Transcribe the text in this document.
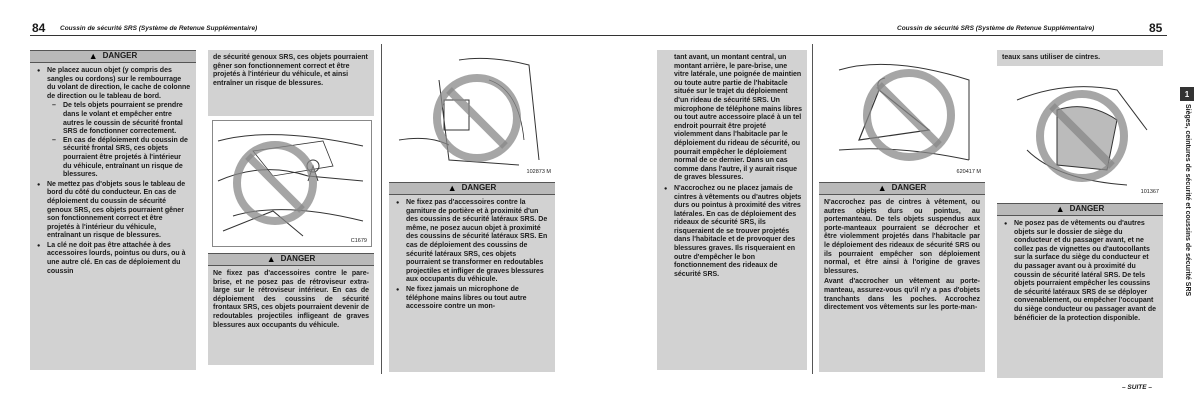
84 Coussin de sécurité SRS (Système de Retenue Supplémentaire)
▲ DANGER
● Ne placez aucun objet (y compris des sangles ou cordons) sur le rembourrage du volant de direction, le cache de colonne de direction ou le tableau de bord.
– De tels objets pourraient se prendre dans le volant et empêcher entre autres le coussin de sécurité frontal SRS de fonctionner correctement.
– En cas de déploiement du coussin de sécurité frontal SRS, ces objets pourraient être projetés à l'intérieur du véhicule, entraînant un risque de blessures.
● Ne mettez pas d'objets sous le tableau de bord du côté du conducteur. En cas de déploiement du coussin de sécurité genoux SRS, ces objets pourraient gêner son fonctionnement correct et être projetés à l'intérieur du véhicule, entraînant un risque de blessures.
● La clé ne doit pas être attachée à des accessoires lourds, pointus ou durs, ou à une autre clé. En cas de déploiement du coussin
de sécurité genoux SRS, ces objets pourraient gêner son fonctionnement correct et être projetés à l'intérieur du véhicule, et ainsi entraîner un risque de blessures.
C1679
▲ DANGER
Ne fixez pas d'accessoires contre le pare-brise, et ne posez pas de rétroviseur extra-large sur le rétroviseur intérieur. En cas de déploiement des coussins de sécurité frontaux SRS, ces objets pourraient devenir de redoutables projectiles infligeant de graves blessures aux occupants du véhicule.
102873 M
▲ DANGER
● Ne fixez pas d'accessoires contre la garniture de portière et à proximité d'un des coussins de sécurité latéraux SRS. De même, ne posez aucun objet à proximité des coussins de sécurité latéraux SRS. En cas de déploiement des coussins de sécurité latéraux SRS, ces objets pourraient se transformer en redoutables projectiles et infliger de graves blessures aux occupants du véhicule.
● Ne fixez jamais un microphone de téléphone mains libres ou tout autre accessoire contre un mon-
Coussin de sécurité SRS (Système de Retenue Supplémentaire)	85
tant avant, un montant central, un montant arrière, le pare-brise, une vitre latérale, une poignée de maintien ou toute autre partie de l'habitacle située sur le trajet du déploiement d'un rideau de sécurité SRS. Un microphone de téléphone mains libres ou tout autre accessoire placé à un tel endroit pourrait être projeté violemment dans l'habitacle par le déploiement du rideau de sécurité, ou pourrait empêcher le déploiement normal de ce dernier. Dans un cas comme dans l'autre, il y aurait risque de graves blessures.
● N'accrochez ou ne placez jamais de cintres à vêtements ou d'autres objets durs ou pointus à proximité des vitres latérales. En cas de déploiement des rideaux de sécurité SRS, ils risqueraient de se trouver projetés dans l'habitacle et de provoquer des blessures graves. Ils risqueraient en outre d'empêcher le bon fonctionnement des rideaux de sécurité SRS.
620417 M
▲ DANGER
N'accrochez pas de cintres à vêtement, ou autres objets durs ou pointus, au portemanteau. De tels objets suspendus aux porte-manteaux pourraient se décrocher et être violemment projetés dans l'habitacle par le déploiement des rideaux de sécurité SRS ou ils pourraient empêcher son déploiement normal, et être ainsi à l'origine de graves blessures.
Avant d'accrocher un vêtement au porte-manteau, assurez-vous qu'il n'y a pas d'objets tranchants dans les poches. Accrochez directement vos vêtements sur les porte-man-
teaux sans utiliser de cintres.
101367
▲ DANGER
● Ne posez pas de vêtements ou d'autres objets sur le dossier de siège du conducteur et du passager avant, et ne collez pas de vignettes ou d'autocollants sur la surface du siège du conducteur et du passager avant ou à proximité du coussin de sécurité latéral SRS. De tels objets pourraient empêcher les coussins de sécurité latéraux SRS de se déployer convenablement, ou empêcher l'occupant du siège conducteur ou passager avant de bénéficier de la protection disponible.
– SUITE –
1
Sièges, ceintures de sécurité et coussins de sécurité SRS
